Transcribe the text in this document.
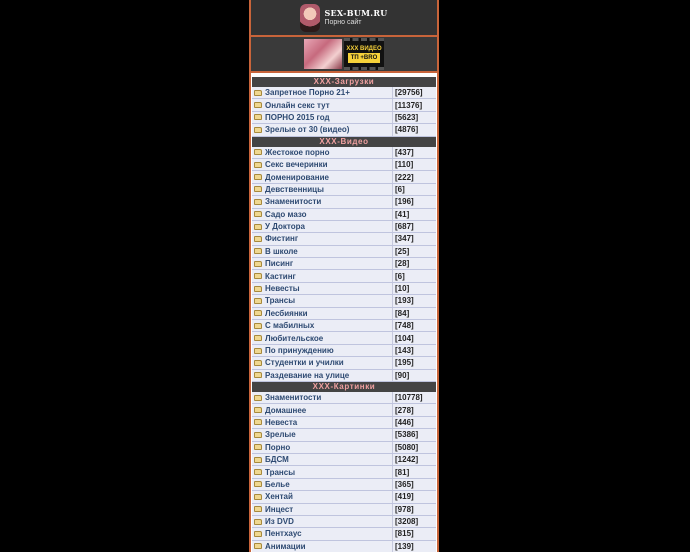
SEX-BUM.RU
Порно сайт
XXX ВИДЕО
ТП +BRO
XXX-Загрузки
Запретное Порно 21+	[29756]
Онлайн секс тут	[11376]
ПОРНО 2015 год	[5623]
Зрелые от 30 (видео)	[4876]
XXX-Видео
Жестокое порно	[437]
Секс вечеринки	[110]
Доменирование	[222]
Девственницы	[6]
Знаменитости	[196]
Садо мазо	[41]
У Доктора	[687]
Фистинг	[347]
В школе	[25]
Писинг	[28]
Кастинг	[6]
Невесты	[10]
Трансы	[193]
Лесбиянки	[84]
С мабилных	[748]
Любительское	[104]
По принуждению	[143]
Студентки и училки	[195]
Раздевание на улице	[90]
XXX-Картинки
Знаменитости	[10778]
Домашнее	[278]
Невеста	[446]
Зрелые	[5386]
Порно	[5080]
БДСМ	[1242]
Трансы	[81]
Белье	[365]
Хентай	[419]
Инцест	[978]
Из DVD	[3208]
Пентхаус	[815]
Анимации	[139]
